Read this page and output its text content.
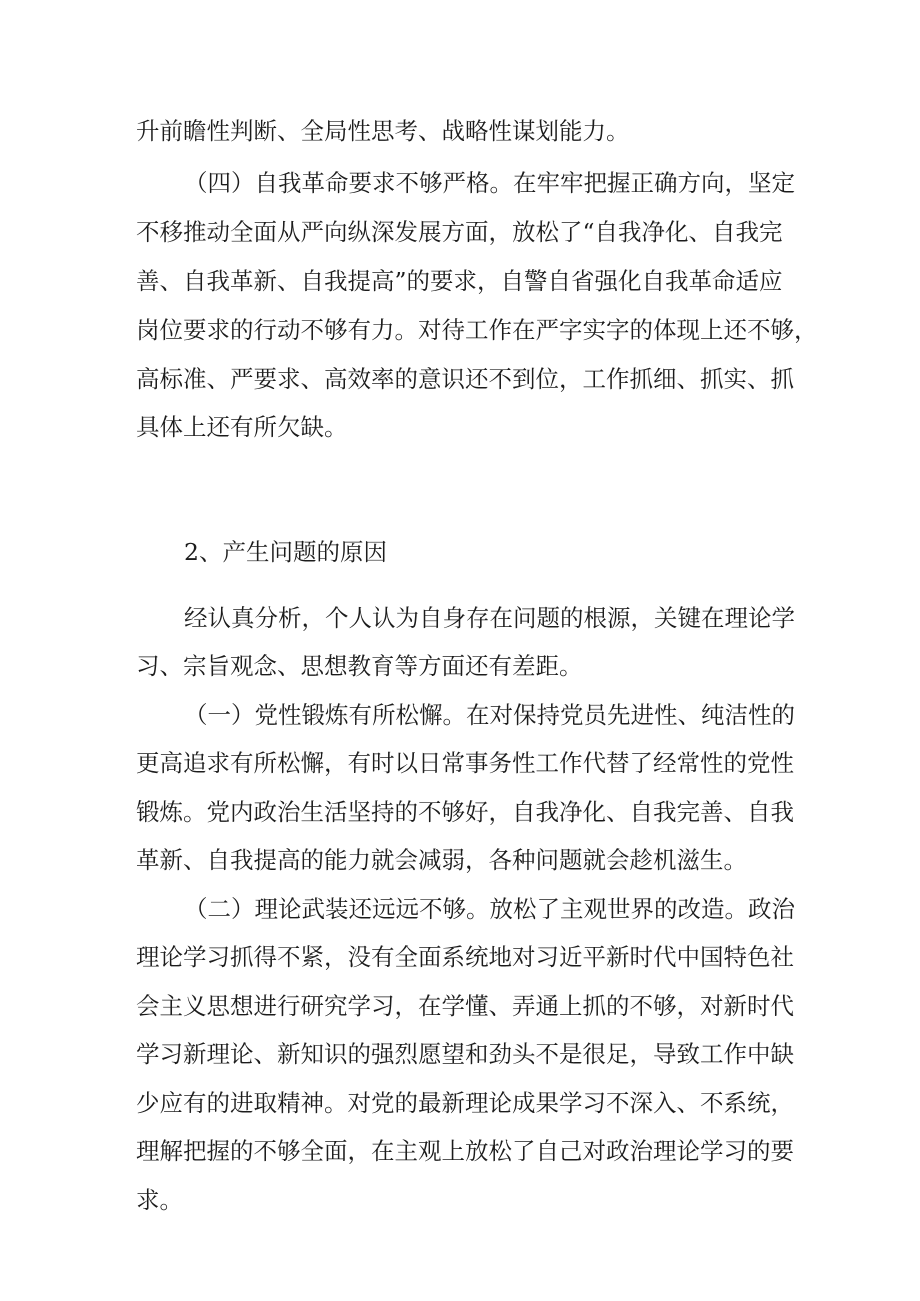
升前瞻性判断、全局性思考、战略性谋划能力。
（四）自我革命要求不够严格。在牢牢把握正确方向，坚定
不移推动全面从严向纵深发展方面，放松了“自我净化、自我完
善、自我革新、自我提高”的要求，自警自省强化自我革命适应
岗位要求的行动不够有力。对待工作在严字实字的体现上还不够，
高标准、严要求、高效率的意识还不到位，工作抓细、抓实、抓
具体上还有所欠缺。
2、产生问题的原因
经认真分析，个人认为自身存在问题的根源，关键在理论学
习、宗旨观念、思想教育等方面还有差距。
（一）党性锻炼有所松懈。在对保持党员先进性、纯洁性的
更高追求有所松懈，有时以日常事务性工作代替了经常性的党性
锻炼。党内政治生活坚持的不够好，自我净化、自我完善、自我
革新、自我提高的能力就会减弱，各种问题就会趁机滋生。
（二）理论武装还远远不够。放松了主观世界的改造。政治
理论学习抓得不紧，没有全面系统地对习近平新时代中国特色社
会主义思想进行研究学习，在学懂、弄通上抓的不够，对新时代
学习新理论、新知识的强烈愿望和劲头不是很足，导致工作中缺
少应有的进取精神。对党的最新理论成果学习不深入、不系统，
理解把握的不够全面，在主观上放松了自己对政治理论学习的要
求。
